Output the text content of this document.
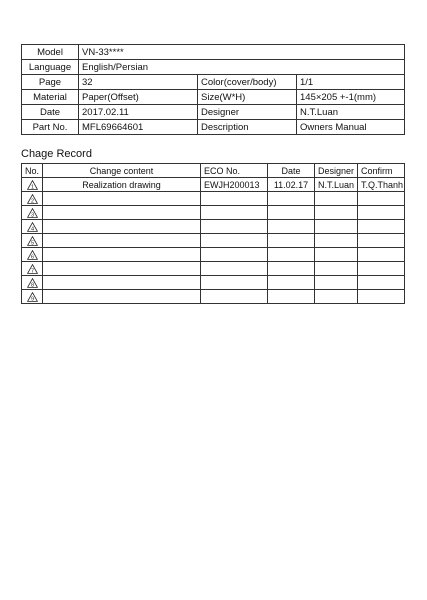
Model	VN-33****		
Language	English/Persian		
Page	32	Color(cover/body)	1/1
Material	Paper(Offset)	Size(W*H)	145×205 +-1(mm)
Date	2017.02.11	Designer	N.T.Luan
Part No.	MFL69664601	Description	Owners Manual
Chage Record
No.	Change content	ECO No.	Date	Designer	Confirm

1	Realization drawing	EWJH200013	11.02.17	N.T.Luan	T.Q.Thanh

2					

3					

4					

5					

6					

7					

8					

9					
